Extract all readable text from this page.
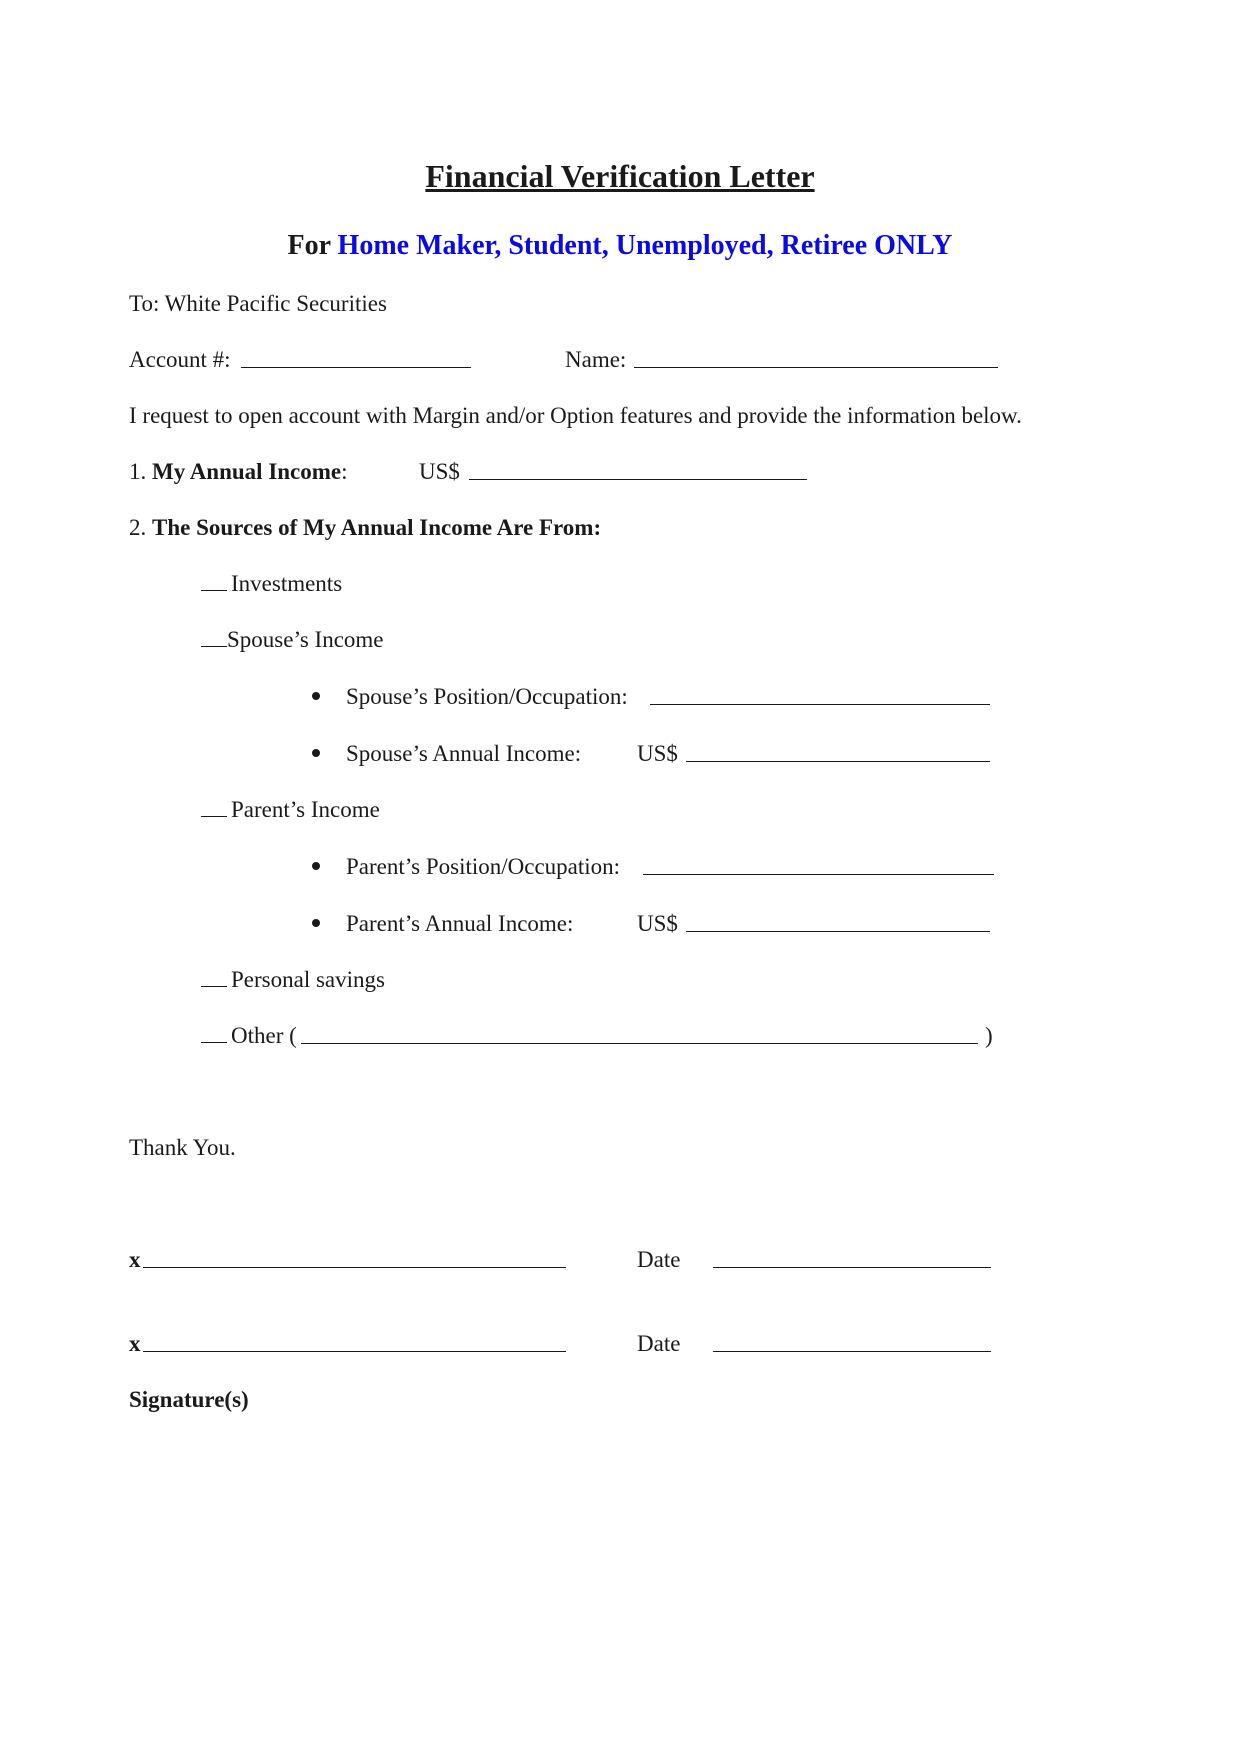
Financial Verification Letter
For Home Maker, Student, Unemployed, Retiree ONLY
To: White Pacific Securities
Account #:	Name:
I request to open account with Margin and/or Option features and provide the information below.
1. My Annual Income:	US$
2. The Sources of My Annual Income Are From:
Investments
Spouse’s Income
Spouse’s Position/Occupation:
Spouse’s Annual Income: US$
Parent’s Income
Parent’s Position/Occupation:
Parent’s Annual Income:	US$
Personal savings
Other (	)
Thank You.
x	Date
x	Date
Signature(s)
